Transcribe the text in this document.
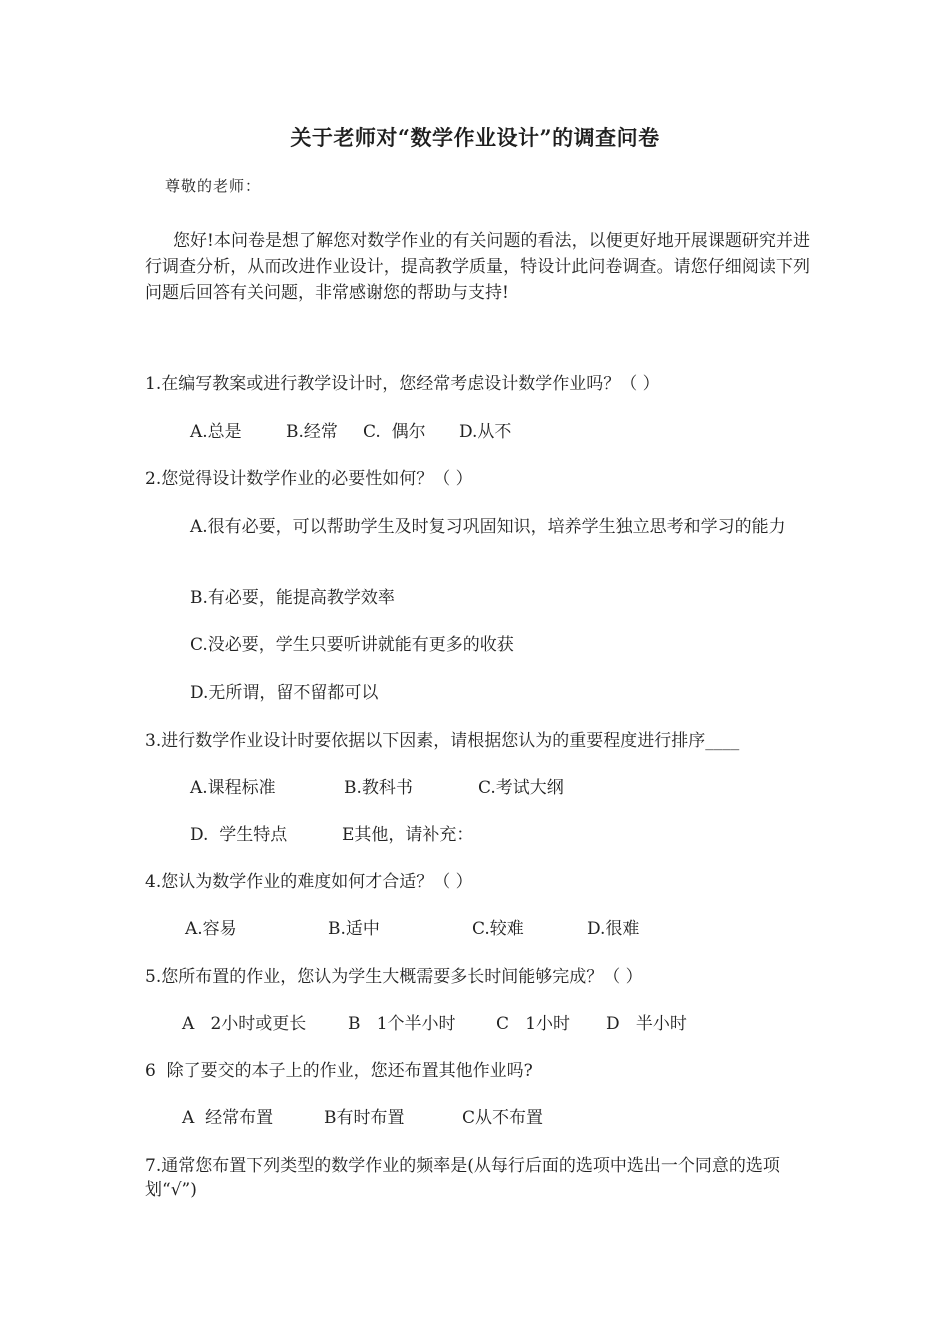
关于老师对“数学作业设计”的调查问卷
尊敬的老师：
您好!本问卷是想了解您对数学作业的有关问题的看法，以便更好地开展课题研究并进行调查分析，从而改进作业设计，提高教学质量，特设计此问卷调查。请您仔细阅读下列问题后回答有关问题，非常感谢您的帮助与支持!
1.在编写教案或进行教学设计时，您经常考虑设计数学作业吗？（ ）
A.总是	B.经常 C.  偶尔 D.从不
2.您觉得设计数学作业的必要性如何？（ ）
A.很有必要，可以帮助学生及时复习巩固知识，培养学生独立思考和学习的能力
B.有必要，能提高教学效率
C.没必要，学生只要听讲就能有更多的收获
D.无所谓，留不留都可以
3.进行数学作业设计时要依据以下因素，请根据您认为的重要程度进行排序____
A.课程标准	B.教科书	C.考试大纲
D.  学生特点	E其他，请补充：
4.您认为数学作业的难度如何才合适？（ ）
A.容易	B.适中	C.较难	D.很难
5.您所布置的作业，您认为学生大概需要多长时间能够完成？（ ）
A   2小时或更长 B   1个半小时 C   1小时 D   半小时
6  除了要交的本子上的作业，您还布置其他作业吗?
A  经常布置	B有时布置	C从不布置
7.通常您布置下列类型的数学作业的频率是(从每行后面的选项中选出一个同意的选项划“√”)
